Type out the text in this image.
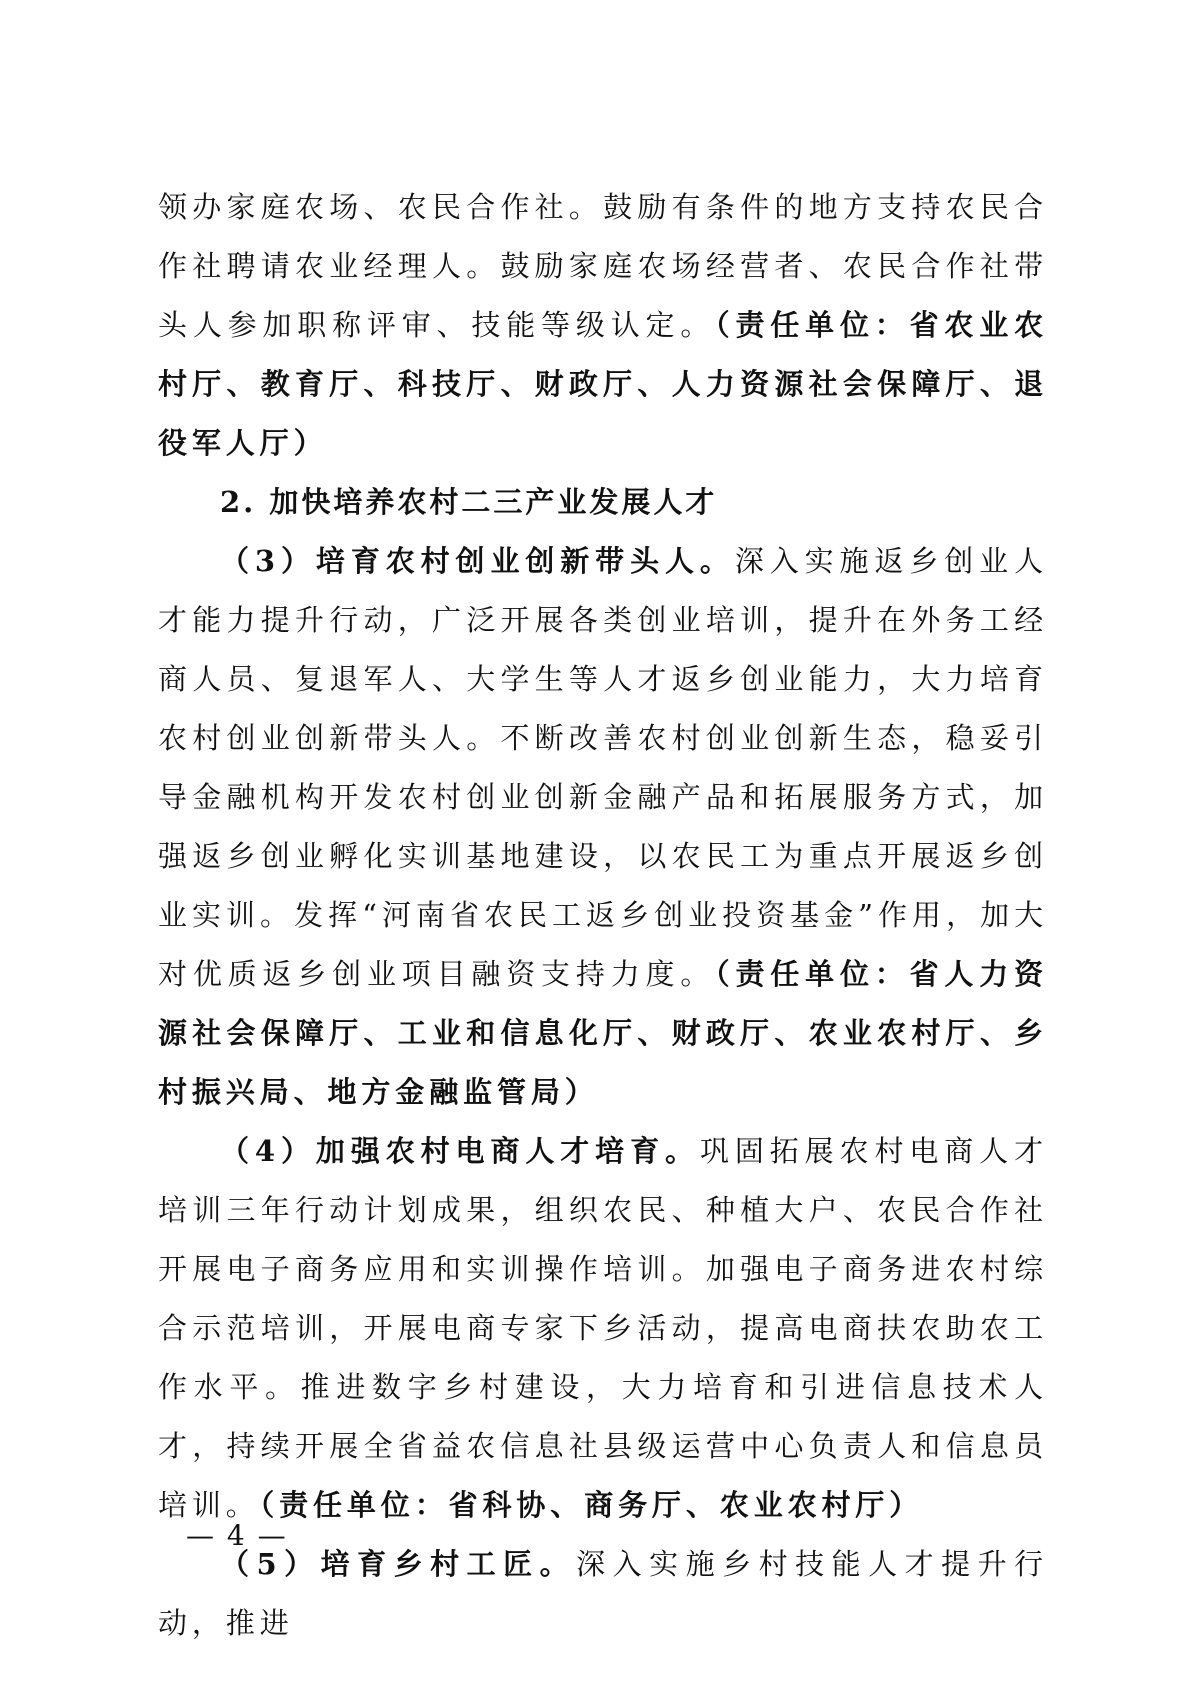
领办家庭农场、农民合作社。鼓励有条件的地方支持农民合作社聘请农业经理人。鼓励家庭农场经营者、农民合作社带头人参加职称评审、技能等级认定。（责任单位：省农业农村厅、教育厅、科技厅、财政厅、人力资源社会保障厅、退役军人厅）

2. 加快培养农村二三产业发展人才

（3）培育农村创业创新带头人。深入实施返乡创业人才能力提升行动，广泛开展各类创业培训，提升在外务工经商人员、复退军人、大学生等人才返乡创业能力，大力培育农村创业创新带头人。不断改善农村创业创新生态，稳妥引导金融机构开发农村创业创新金融产品和拓展服务方式，加强返乡创业孵化实训基地建设，以农民工为重点开展返乡创业实训。发挥“河南省农民工返乡创业投资基金”作用，加大对优质返乡创业项目融资支持力度。（责任单位：省人力资源社会保障厅、工业和信息化厅、财政厅、农业农村厅、乡村振兴局、地方金融监管局）

（4）加强农村电商人才培育。巩固拓展农村电商人才培训三年行动计划成果，组织农民、种植大户、农民合作社开展电子商务应用和实训操作培训。加强电子商务进农村综合示范培训，开展电商专家下乡活动，提高电商扶农助农工作水平。推进数字乡村建设，大力培育和引进信息技术人才，持续开展全省益农信息社县级运营中心负责人和信息员培训。（责任单位：省科协、商务厅、农业农村厅）

（5）培育乡村工匠。深入实施乡村技能人才提升行动，推进

— 4 —
